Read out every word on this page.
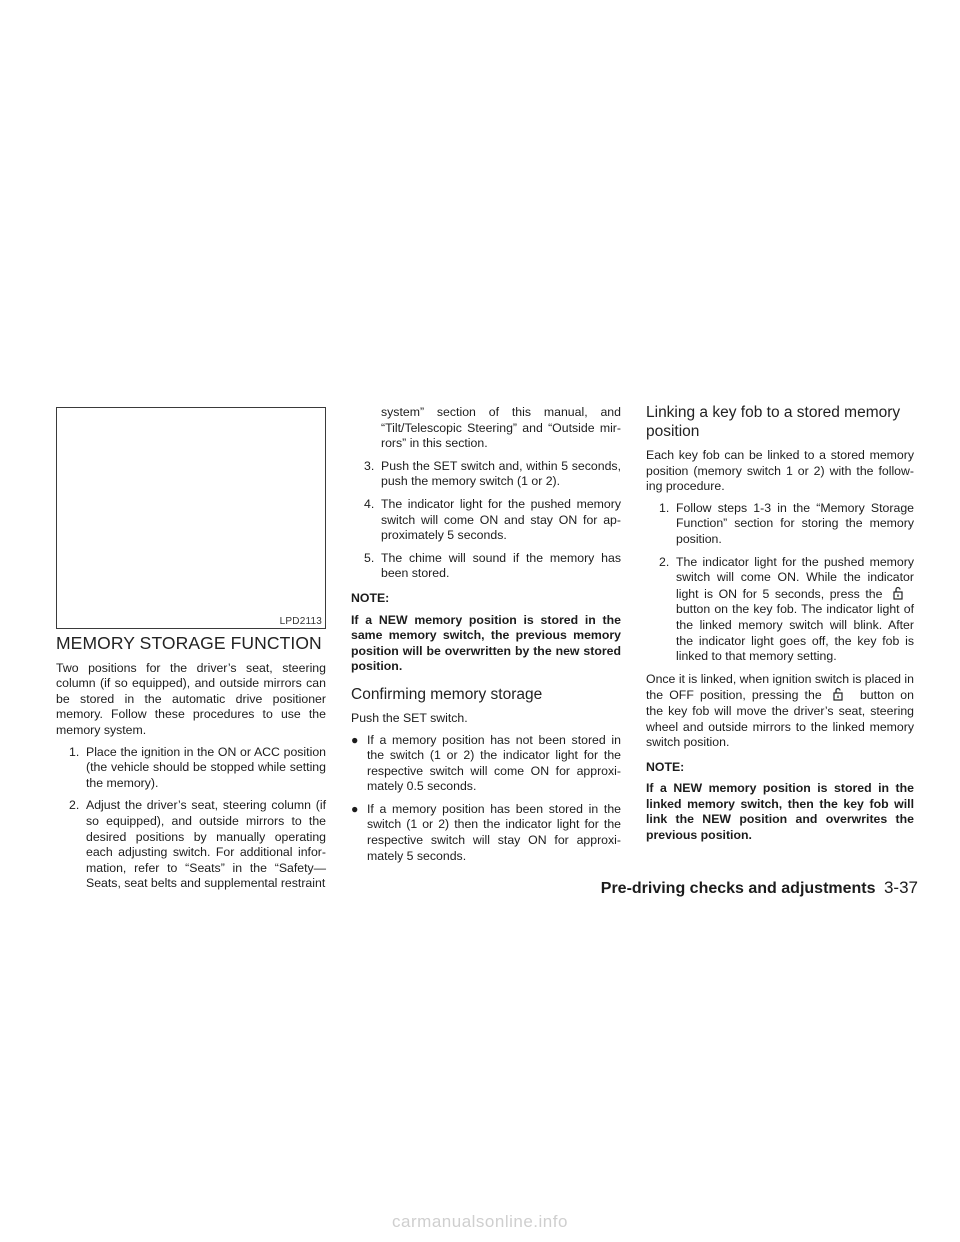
LPD2113
MEMORY STORAGE FUNCTION

Two positions for the driver’s seat, steering column (if so equipped), and outside mirrors can be stored in the automatic drive positioner memory. Follow these procedures to use the memory system.

1. Place the ignition in the ON or ACC position (the vehicle should be stopped while setting the memory).
2. Adjust the driver’s seat, steering column (if so equipped), and outside mirrors to the desired positions by manually operating each adjusting switch. For additional infor- mation, refer to “Seats” in the “Safety— Seats, seat belts and supplemental restraint
system” section of this manual, and “Tilt/Telescopic Steering” and “Outside mir- rors” in this section.
3. Push the SET switch and, within 5 seconds, push the memory switch (1 or 2).
4. The indicator light for the pushed memory switch will come ON and stay ON for ap- proximately 5 seconds.
5. The chime will sound if the memory has been stored.
NOTE:
If a NEW memory position is stored in the same memory switch, the previous memory position will be overwritten by the new stored position.
Confirming memory storage

Push the SET switch.

● If a memory position has not been stored in the switch (1 or 2) the indicator light for the respective switch will come ON for approxi- mately 0.5 seconds.
● If a memory position has been stored in the switch (1 or 2) then the indicator light for the respective switch will stay ON for approxi- mately 5 seconds.
Linking a key fob to a stored memory position

Each key fob can be linked to a stored memory position (memory switch 1 or 2) with the follow- ing procedure.

1. Follow steps 1-3 in the “Memory Storage Function” section for storing the memory position.
2. The indicator light for the pushed memory switch will come ON. While the indicator light is ON for 5 seconds, press the  button on the key fob. The indicator light of the linked memory switch will blink. After the indicator light goes off, the key fob is linked to that memory setting.

Once it is linked, when ignition switch is placed in the OFF position, pressing the	button on the key fob will move the driver’s seat, steering wheel and outside mirrors to the linked memory switch position.

NOTE:
If a NEW memory position is stored in the linked memory switch, then the key fob will link the NEW position and overwrites the previous position.
Pre-driving checks and adjustments 3-37
carmanualsonline.info
